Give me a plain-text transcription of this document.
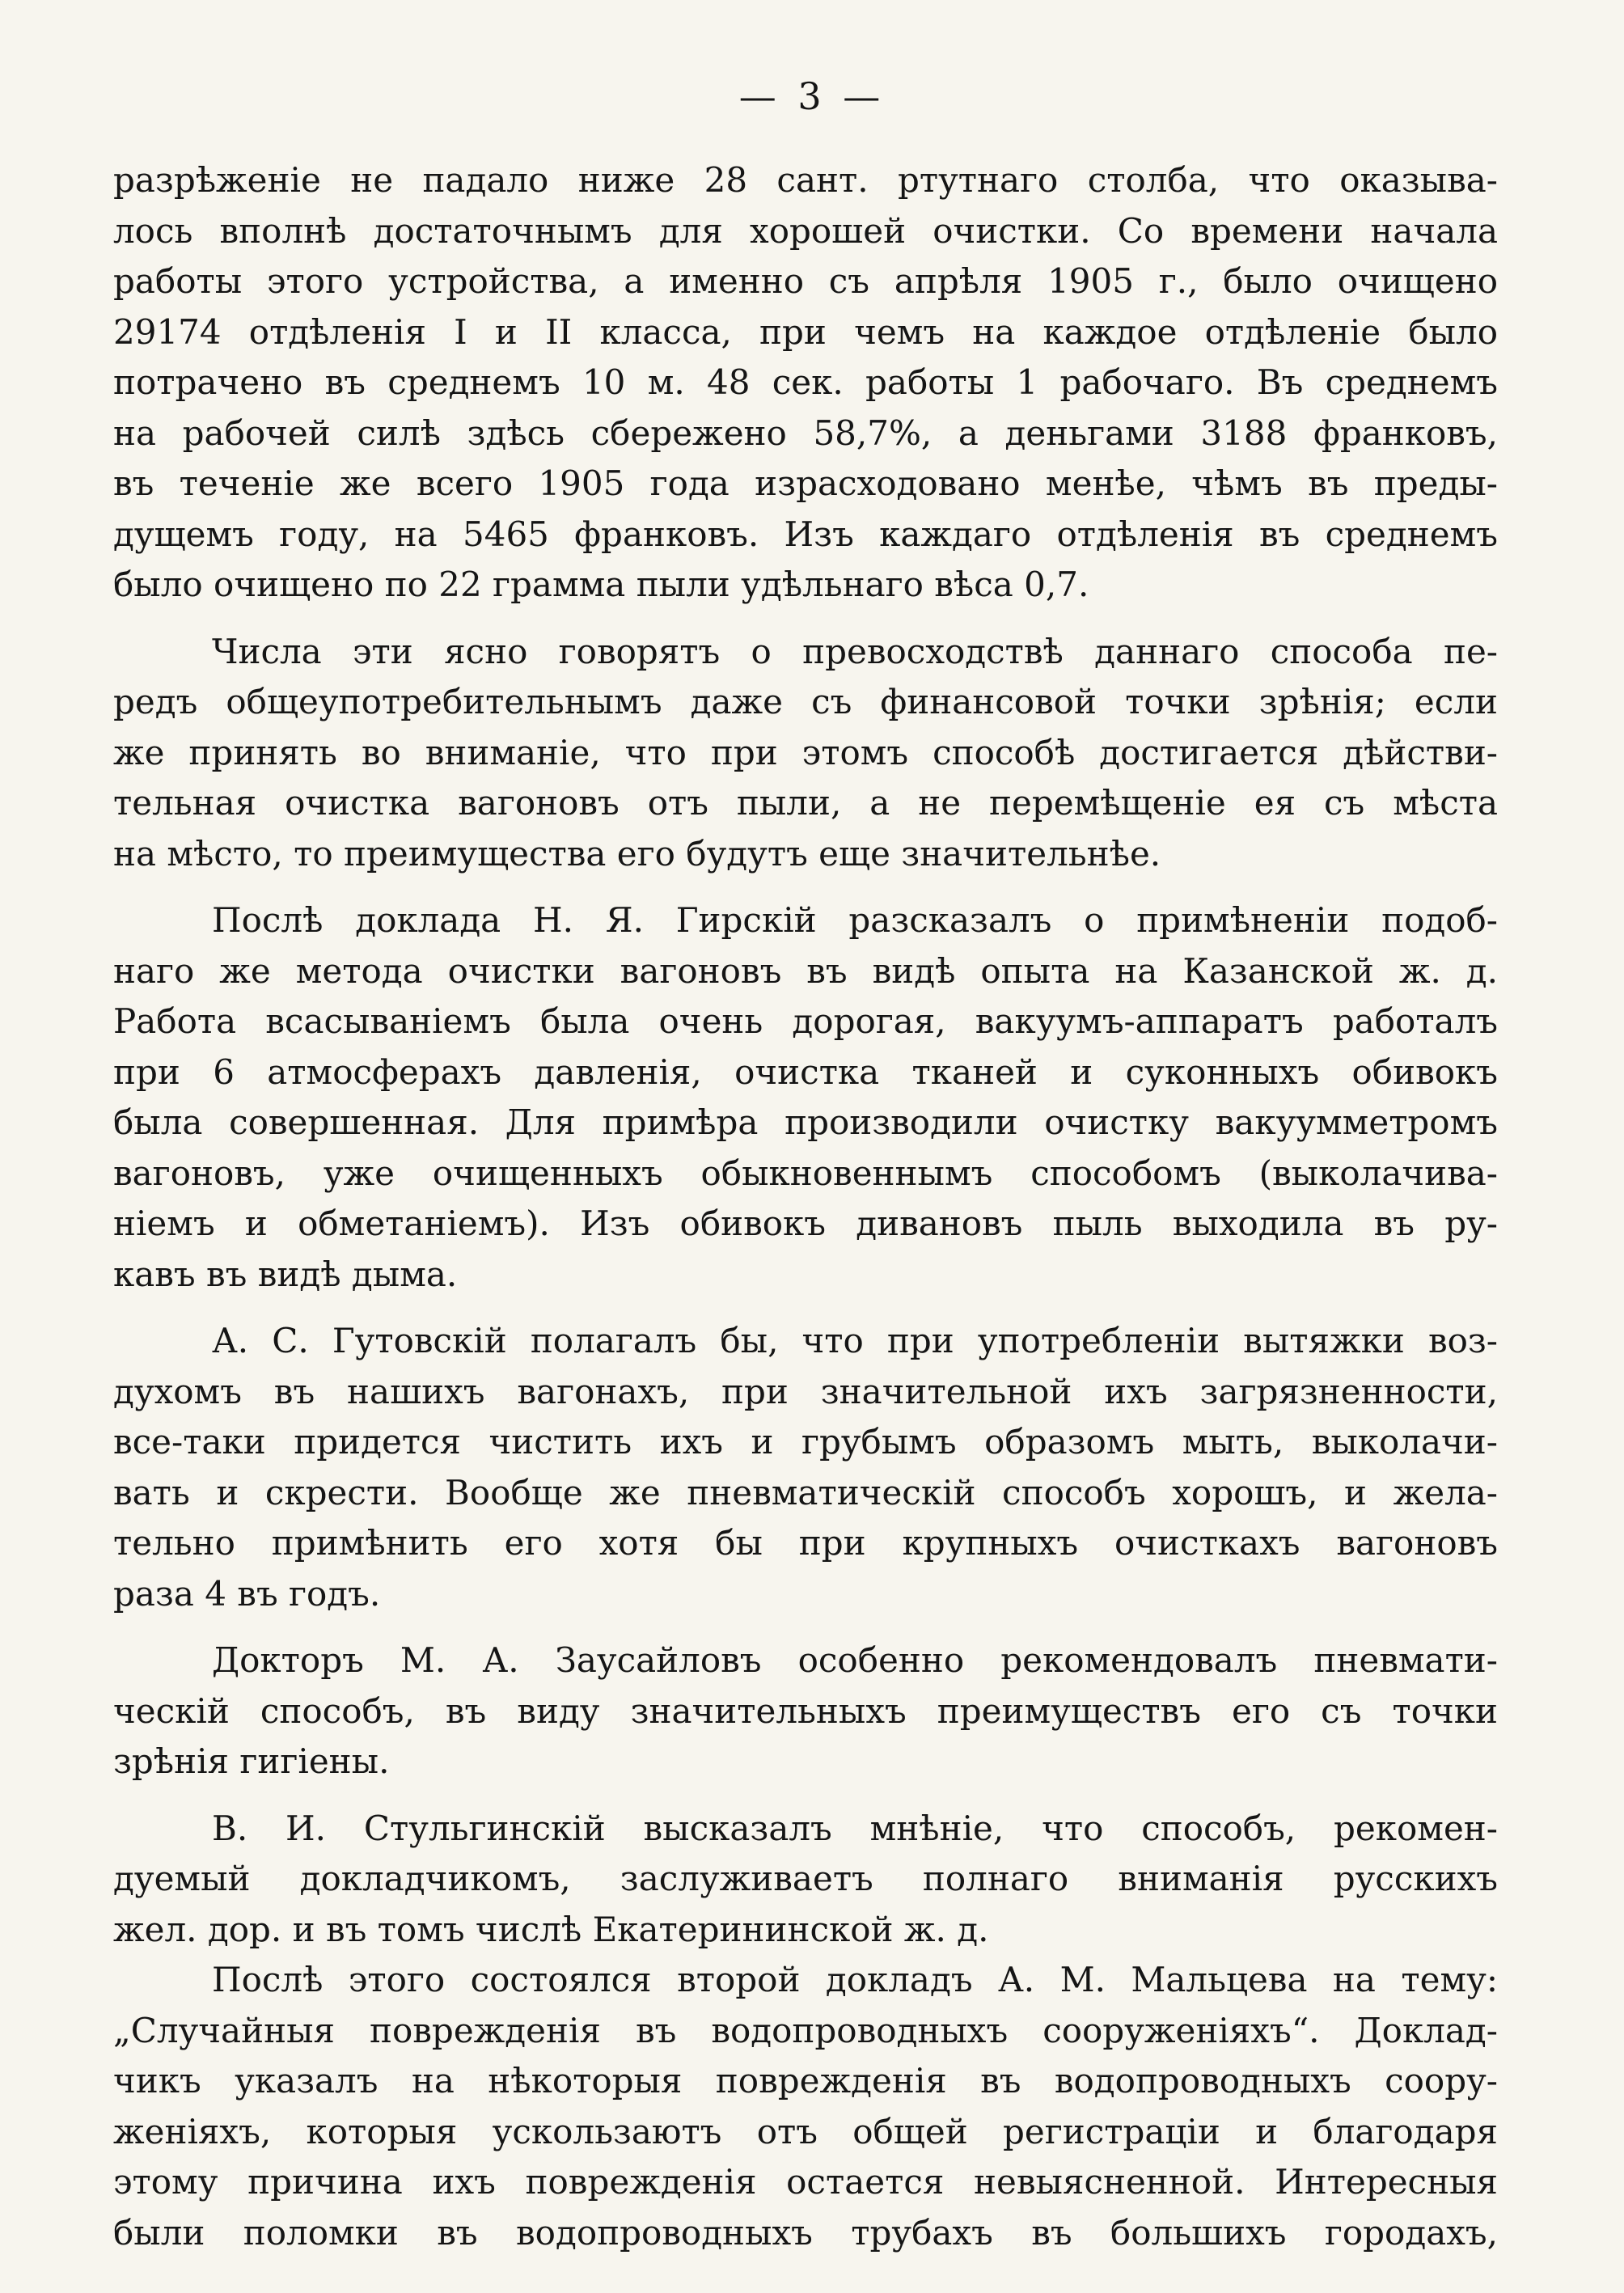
— 3 —
разрѣженіе не падало ниже 28 сант. ртутнаго столба, что оказыва-
лось вполнѣ достаточнымъ для хорошей очистки. Со времени начала
работы этого устройства, а именно съ апрѣля 1905 г., было очищено
29174 отдѣленія I и II класса, при чемъ на каждое отдѣленіе было
потрачено въ среднемъ 10 м. 48 сек. работы 1 рабочаго. Въ среднемъ
на рабочей силѣ здѣсь сбережено 58,7%, а деньгами 3188 франковъ,
въ теченіе же всего 1905 года израсходовано менѣе, чѣмъ въ преды-
дущемъ году, на 5465 франковъ. Изъ каждаго отдѣленія въ среднемъ
было очищено по 22 грамма пыли удѣльнаго вѣса 0,7.
Числа эти ясно говорятъ о превосходствѣ даннаго способа пе-
редъ общеупотребительнымъ даже съ финансовой точки зрѣнія; если
же принять во вниманіе, что при этомъ способѣ достигается дѣйстви-
тельная очистка вагоновъ отъ пыли, а не перемѣщеніе ея съ мѣста
на мѣсто, то преимущества его будутъ еще значительнѣе.
Послѣ доклада Н. Я. Гирскій разсказалъ о примѣненіи подоб-
наго же метода очистки вагоновъ въ видѣ опыта на Казанской ж. д.
Работа всасываніемъ была очень дорогая, вакуумъ-аппаратъ работалъ
при 6 атмосферахъ давленія, очистка тканей и суконныхъ обивокъ
была совершенная. Для примѣра производили очистку вакуумметромъ
вагоновъ, уже очищенныхъ обыкновеннымъ способомъ (выколачива-
ніемъ и обметаніемъ). Изъ обивокъ дивановъ пыль выходила въ ру-
кавъ въ видѣ дыма.
А. С. Гутовскій полагалъ бы, что при употребленіи вытяжки воз-
духомъ въ нашихъ вагонахъ, при значительной ихъ загрязненности,
все-таки придется чистить ихъ и грубымъ образомъ мыть, выколачи-
вать и скрести. Вообще же пневматическій способъ хорошъ, и жела-
тельно примѣнить его хотя бы при крупныхъ очисткахъ вагоновъ
раза 4 въ годъ.
Докторъ М. А. Заусайловъ особенно рекомендовалъ пневмати-
ческій способъ, въ виду значительныхъ преимуществъ его съ точки
зрѣнія гигіены.
В. И. Стульгинскій высказалъ мнѣніе, что способъ, рекомен-
дуемый докладчикомъ, заслуживаетъ полнаго вниманія русскихъ
жел. дор. и въ томъ числѣ Екатерининской ж. д.
Послѣ этого состоялся второй докладъ А. М. Мальцева на тему:
„Случайныя поврежденія въ водопроводныхъ сооруженіяхъ“. Доклад-
чикъ указалъ на нѣкоторыя поврежденія въ водопроводныхъ соору-
женіяхъ, которыя ускользаютъ отъ общей регистраціи и благодаря
этому причина ихъ поврежденія остается невыясненной. Интересныя
были поломки въ водопроводныхъ трубахъ въ большихъ городахъ,
